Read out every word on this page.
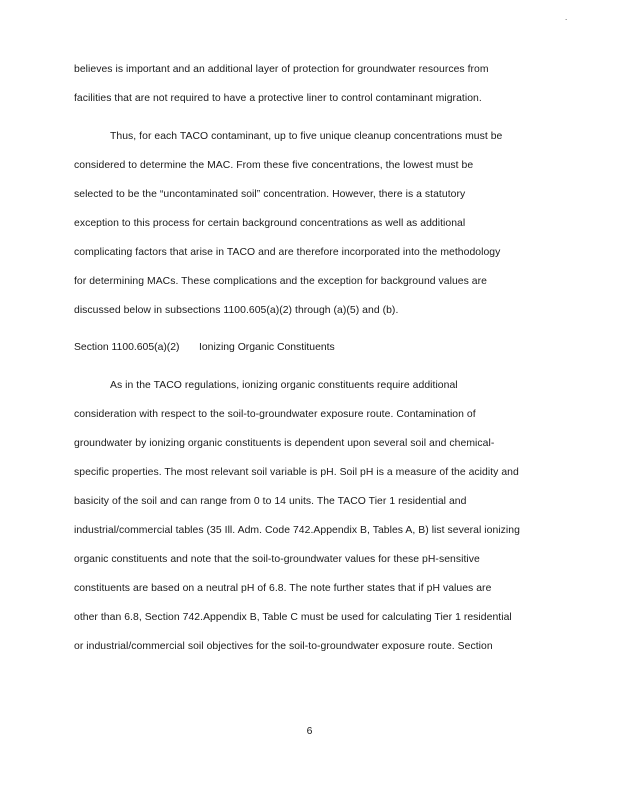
.
believes is important and an additional layer of protection for groundwater resources from
facilities that are not required to have a protective liner to control contaminant migration.
Thus, for each TACO contaminant, up to five unique cleanup concentrations must be
considered to determine the MAC. From these five concentrations, the lowest must be
selected to be the “uncontaminated soil” concentration. However, there is a statutory
exception to this process for certain background concentrations as well as additional
complicating factors that arise in TACO and are therefore incorporated into the methodology
for determining MACs. These complications and the exception for background values are
discussed below in subsections 1100.605(a)(2) through (a)(5) and (b).
Section 1100.605(a)(2) Ionizing Organic Constituents
As in the TACO regulations, ionizing organic constituents require additional
consideration with respect to the soil-to-groundwater exposure route. Contamination of
groundwater by ionizing organic constituents is dependent upon several soil and chemical-
specific properties. The most relevant soil variable is pH. Soil pH is a measure of the acidity and
basicity of the soil and can range from 0 to 14 units. The TACO Tier 1 residential and
industrial/commercial tables (35 Ill. Adm. Code 742.Appendix B, Tables A, B) list several ionizing
organic constituents and note that the soil-to-groundwater values for these pH-sensitive
constituents are based on a neutral pH of 6.8. The note further states that if pH values are
other than 6.8, Section 742.Appendix B, Table C must be used for calculating Tier 1 residential
or industrial/commercial soil objectives for the soil-to-groundwater exposure route. Section
6
